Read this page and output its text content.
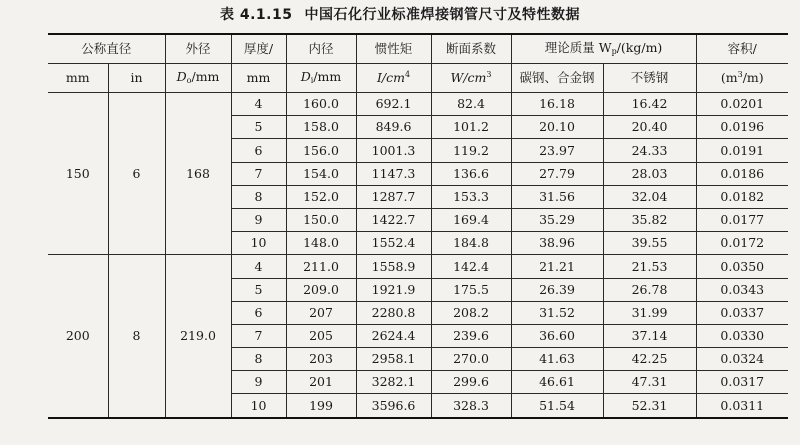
表 4.1.15 中国石化行业标准焊接钢管尺寸及特性数据
公称直径		外径	厚度/	内径	惯性矩	断面系数	理论质量 $W_p/(kg/m)$		容积/
mm	in	$D_o/mm$	mm	$D_i/mm$	$I/cm^4$	$W/cm^3$	碳钢、合金钢	不锈钢	$(m^3/m)$
150	6	168	4	160.0	692.1	82.4	16.18	16.42	0.0201
			5	158.0	849.6	101.2	20.10	20.40	0.0196
			6	156.0	1001.3	119.2	23.97	24.33	0.0191
			7	154.0	1147.3	136.6	27.79	28.03	0.0186
			8	152.0	1287.7	153.3	31.56	32.04	0.0182
			9	150.0	1422.7	169.4	35.29	35.82	0.0177
			10	148.0	1552.4	184.8	38.96	39.55	0.0172
200	8	219.0	4	211.0	1558.9	142.4	21.21	21.53	0.0350
			5	209.0	1921.9	175.5	26.39	26.78	0.0343
			6	207	2280.8	208.2	31.52	31.99	0.0337
			7	205	2624.4	239.6	36.60	37.14	0.0330
			8	203	2958.1	270.0	41.63	42.25	0.0324
			9	201	3282.1	299.6	46.61	47.31	0.0317
			10	199	3596.6	328.3	51.54	52.31	0.0311
